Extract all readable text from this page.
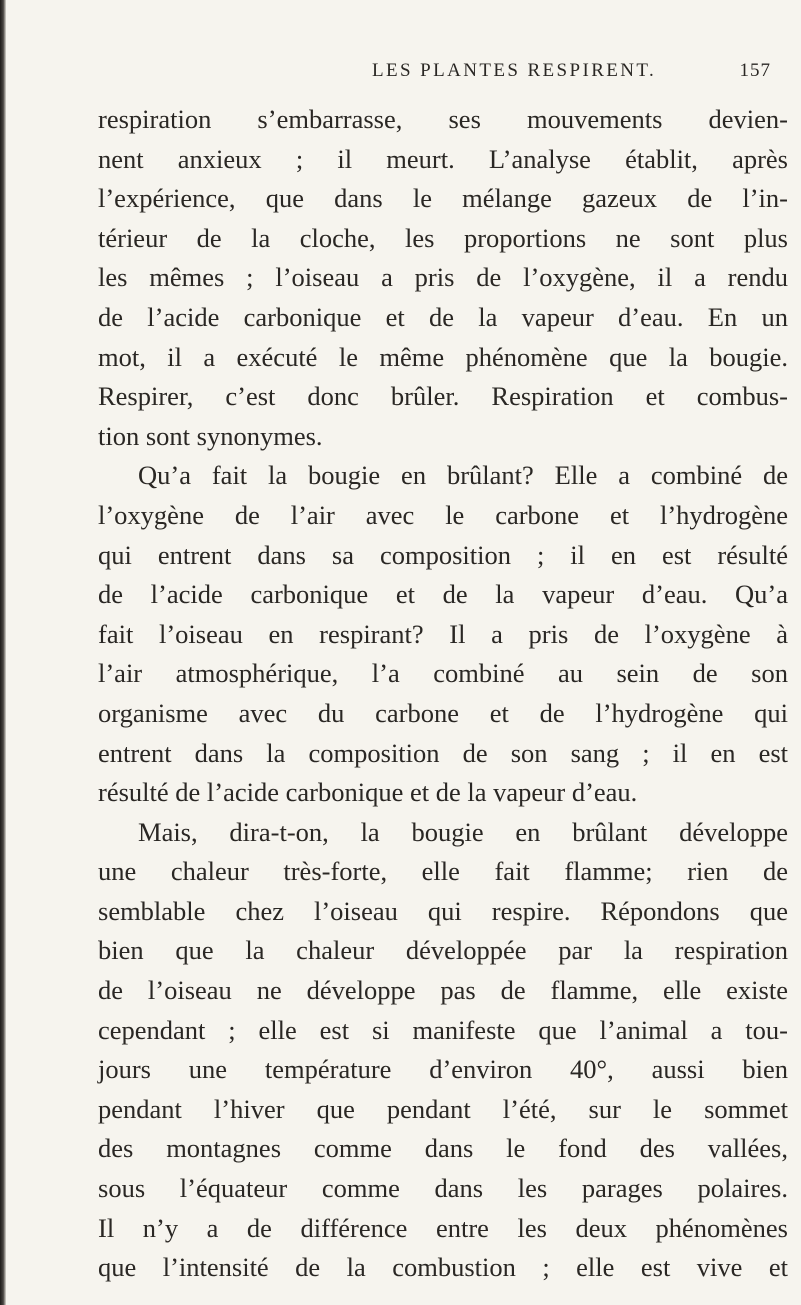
LES PLANTES RESPIRENT.	157
respiration s’embarrasse, ses mouvements devien-
nent anxieux ; il meurt. L’analyse établit, après
l’expérience, que dans le mélange gazeux de l’in-
térieur de la cloche, les proportions ne sont plus
les mêmes ; l’oiseau a pris de l’oxygène, il a rendu
de l’acide carbonique et de la vapeur d’eau. En un
mot, il a exécuté le même phénomène que la bougie.
Respirer, c’est donc brûler. Respiration et combus-
tion sont synonymes.
Qu’a fait la bougie en brûlant? Elle a combiné de
l’oxygène de l’air avec le carbone et l’hydrogène
qui entrent dans sa composition ; il en est résulté
de l’acide carbonique et de la vapeur d’eau. Qu’a
fait l’oiseau en respirant? Il a pris de l’oxygène à
l’air atmosphérique, l’a combiné au sein de son
organisme avec du carbone et de l’hydrogène qui
entrent dans la composition de son sang ; il en est
résulté de l’acide carbonique et de la vapeur d’eau.
Mais, dira-t-on, la bougie en brûlant développe
une chaleur très-forte, elle fait flamme; rien de
semblable chez l’oiseau qui respire. Répondons que
bien que la chaleur développée par la respiration
de l’oiseau ne développe pas de flamme, elle existe
cependant ; elle est si manifeste que l’animal a tou-
jours une température d’environ 40°, aussi bien
pendant l’hiver que pendant l’été, sur le sommet
des montagnes comme dans le fond des vallées,
sous l’équateur comme dans les parages polaires.
Il n’y a de différence entre les deux phénomènes
que l’intensité de la combustion ; elle est vive et
